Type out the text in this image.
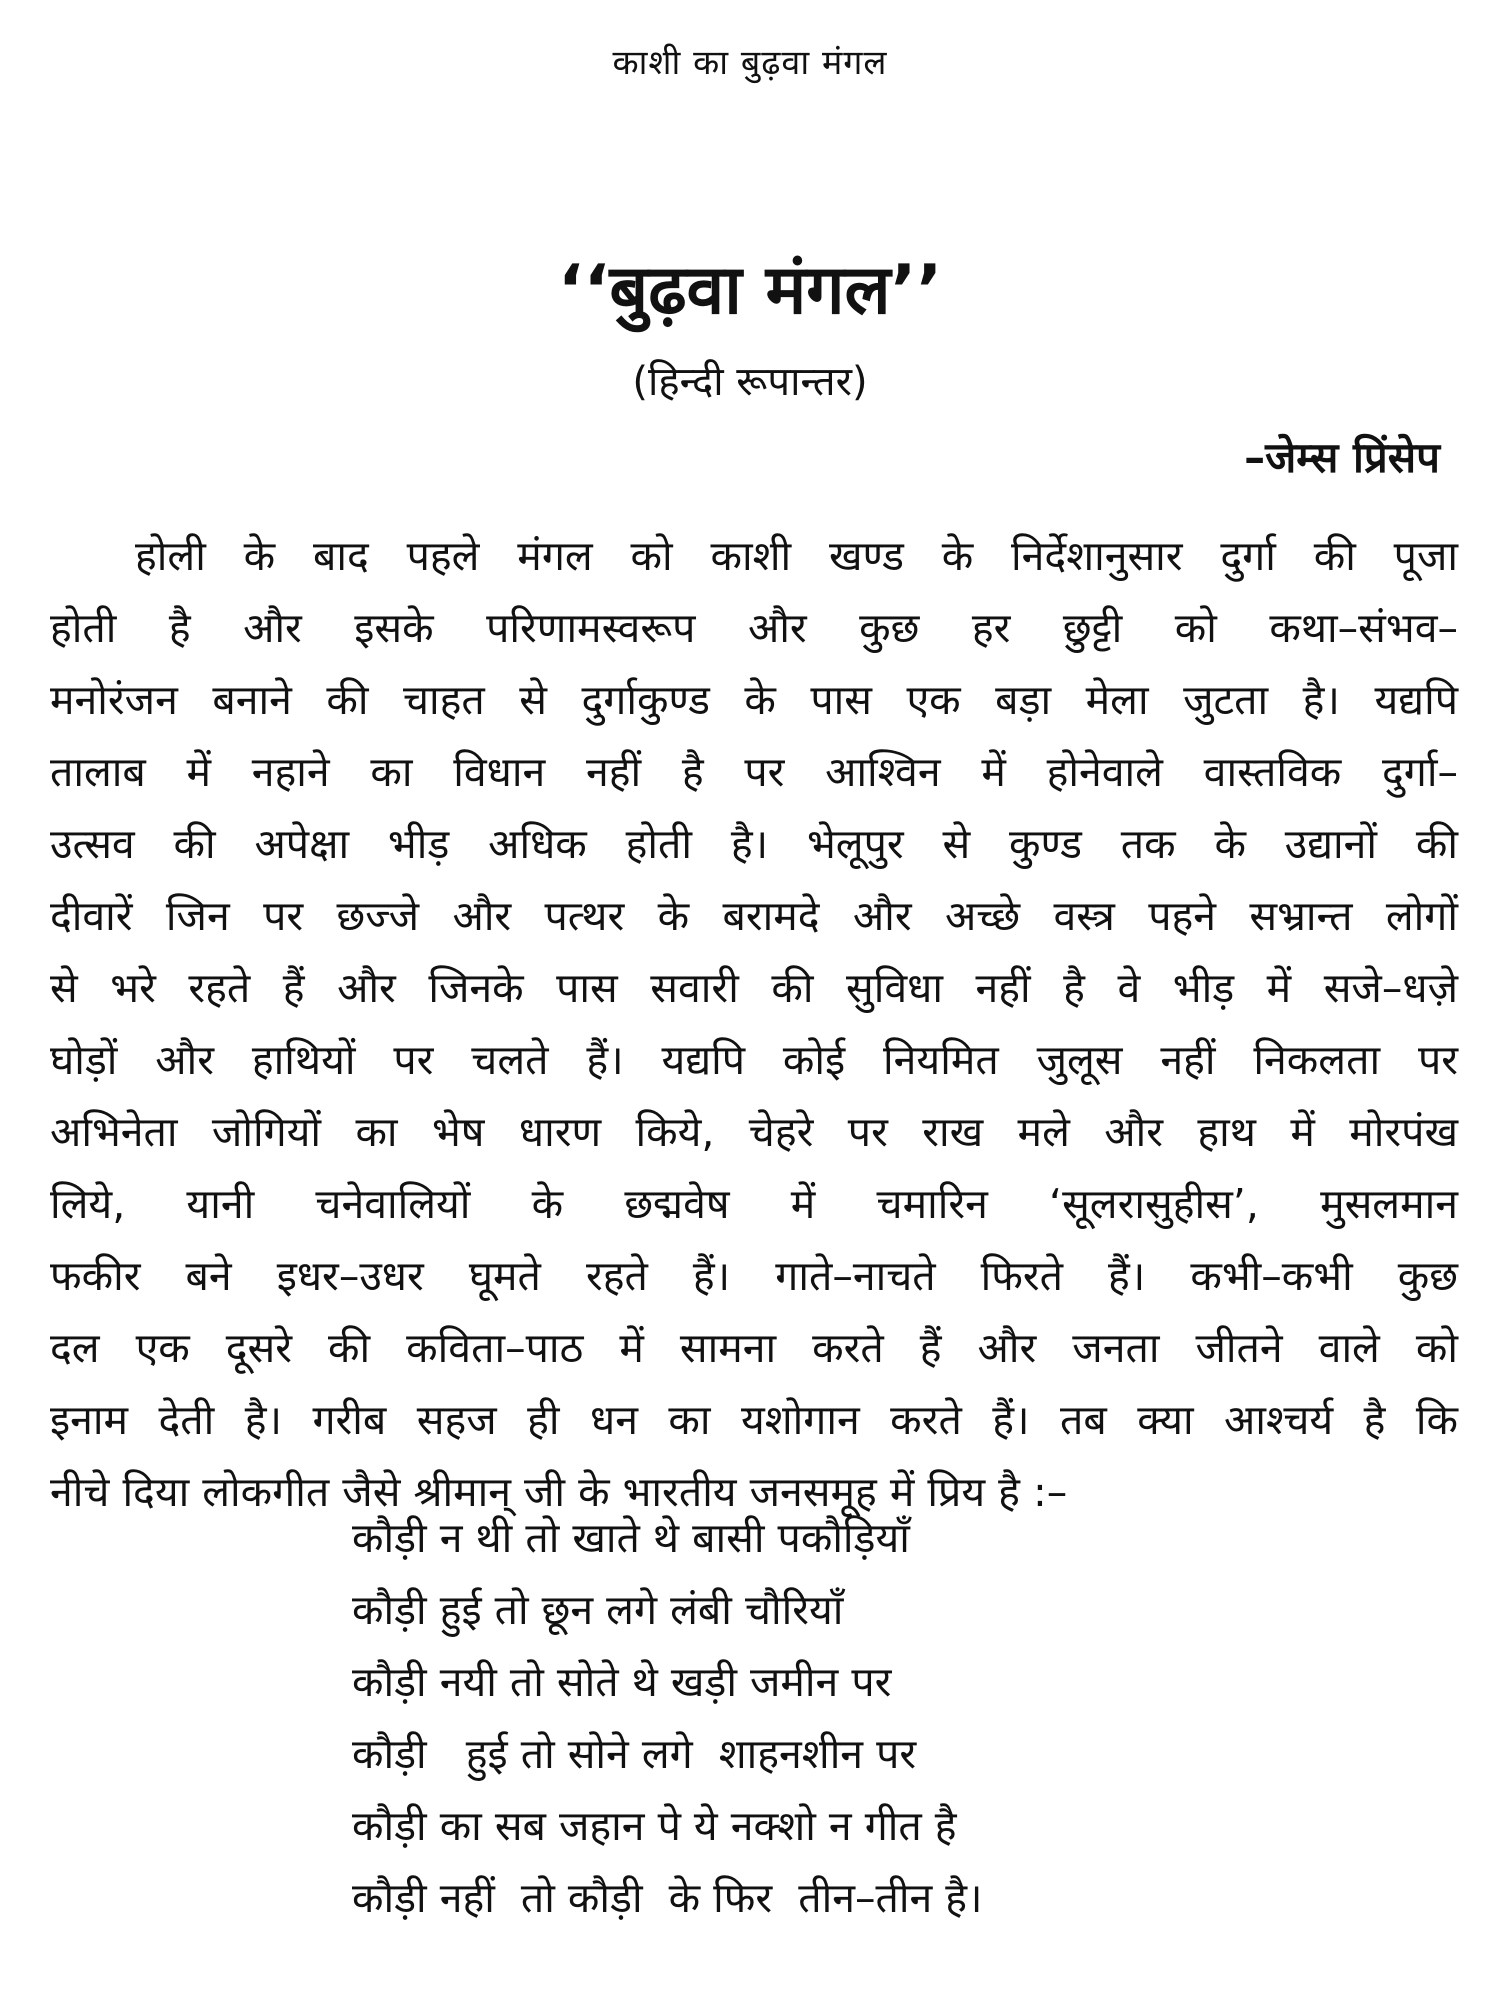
काशी का बुढ़वा मंगल
‘‘बुढ़वा मंगल’’
(हिन्दी रूपान्तर)
–जेम्स प्रिंसेप
होली के बाद पहले मंगल को काशी खण्ड के निर्देशानुसार दुर्गा की पूजा
होती है और इसके परिणामस्वरूप और कुछ हर छुट्टी को कथा–संभव–
मनोरंजन बनाने की चाहत से दुर्गाकुण्ड के पास एक बड़ा मेला जुटता है। यद्यपि
तालाब में नहाने का विधान नहीं है पर आश्विन में होनेवाले वास्तविक दुर्गा–
उत्सव की अपेक्षा भीड़ अधिक होती है। भेलूपुर से कुण्ड तक के उद्यानों की
दीवारें जिन पर छज्जे और पत्थर के बरामदे और अच्छे वस्त्र पहने सभ्रान्त लोगों
से भरे रहते हैं और जिनके पास सवारी की सुविधा नहीं है वे भीड़ में सजे–धज़े
घोड़ों और हाथियों पर चलते हैं। यद्यपि कोई नियमित जुलूस नहीं निकलता पर
अभिनेता जोगियों का भेष धारण किये, चेहरे पर राख मले और हाथ में मोरपंख
लिये, यानी चनेवालियों के छद्मवेष में चमारिन ‘सूलरासुहीस’, मुसलमान
फकीर बने इधर–उधर घूमते रहते हैं। गाते–नाचते फिरते हैं। कभी–कभी कुछ
दल एक दूसरे की कविता–पाठ में सामना करते हैं और जनता जीतने वाले को
इनाम देती है। गरीब सहज ही धन का यशोगान करते हैं। तब क्या आश्चर्य है कि
नीचे दिया लोकगीत जैसे श्रीमान् जी के भारतीय जनसमूह में प्रिय है :–
कौड़ी न थी तो खाते थे बासी पकौड़ियाँ
कौड़ी हुई तो छून लगे लंबी चौरियाँ
कौड़ी नयी तो सोते थे खड़ी जमीन पर
कौड़ी   हुई तो सोने लगे  शाहनशीन पर
कौड़ी का सब जहान पे ये नक्शो न गीत है
कौड़ी नहीं  तो कौड़ी  के फिर  तीन–तीन है।
